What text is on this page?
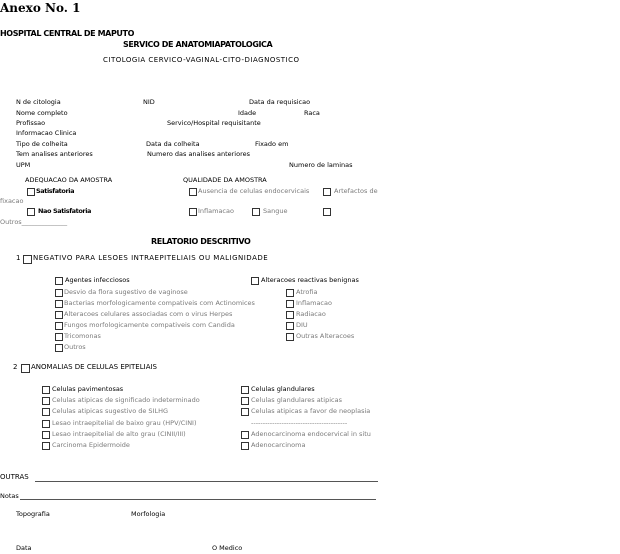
Anexo No. 1
HOSPITAL CENTRAL DE MAPUTO
SERVICO DE ANATOMIAPATOLOGICA
CITOLOGIA CERVICO-VAGINAL-CITO-DIAGNOSTICO
N de citologia	NID	Data da requisicao
Nome completo	Idade	Raca
Profissao	Servico/Hospital requisitante
Informacao Clinica
Tipo de colheita	Data da colheita	Fixado em
Tem analises anteriores	Numero das analises anteriores
UPM	Numero de laminas
ADEQUACAO DA AMOSTRA	QUALIDADE DA AMOSTRA
Satisfatoria	Ausencia de celulas endocervicais	Artefactos de
fixacao
Nao Satisfatoria	Inflamacao	Sangue
Outros______________
RELATORIO DESCRITIVO
1 NEGATIVO PARA LESOES INTRAEPITELIAIS OU MALIGNIDADE
Agentes infecciosos	Alteracoes reactivas benignas
Desvio da flora sugestivo de vaginose
Bacterias morfologicamente compativeis com Actinomices
Alteracoes celulares associadas com o virus Herpes
Fungos morfologicamente compativeis com Candida
Tricomonas
Outros
Atrofia
Inflamacao
Radiacao
DIU
Outras Alteracoes
2 ANOMALIAS DE CELULAS EPITELIAIS
Celulas pavimentosas	Celulas glandulares
Celulas atipicas de significado indeterminado
Celulas atipicas sugestivo de SILHG
Lesao intraepitelial de baixo grau (HPV/CINI)
Lesao intraepitelial de alto grau (CINII/III)
Carcinoma Epidermoide
Celulas glandulares atipicas
Celulas atipicas a favor de neoplasia
-----------------------------------------
Adenocarcinoma endocervical in situ
Adenocarcinoma
OUTRAS
Notas
Topografia	Morfologia
Data	O Medico
